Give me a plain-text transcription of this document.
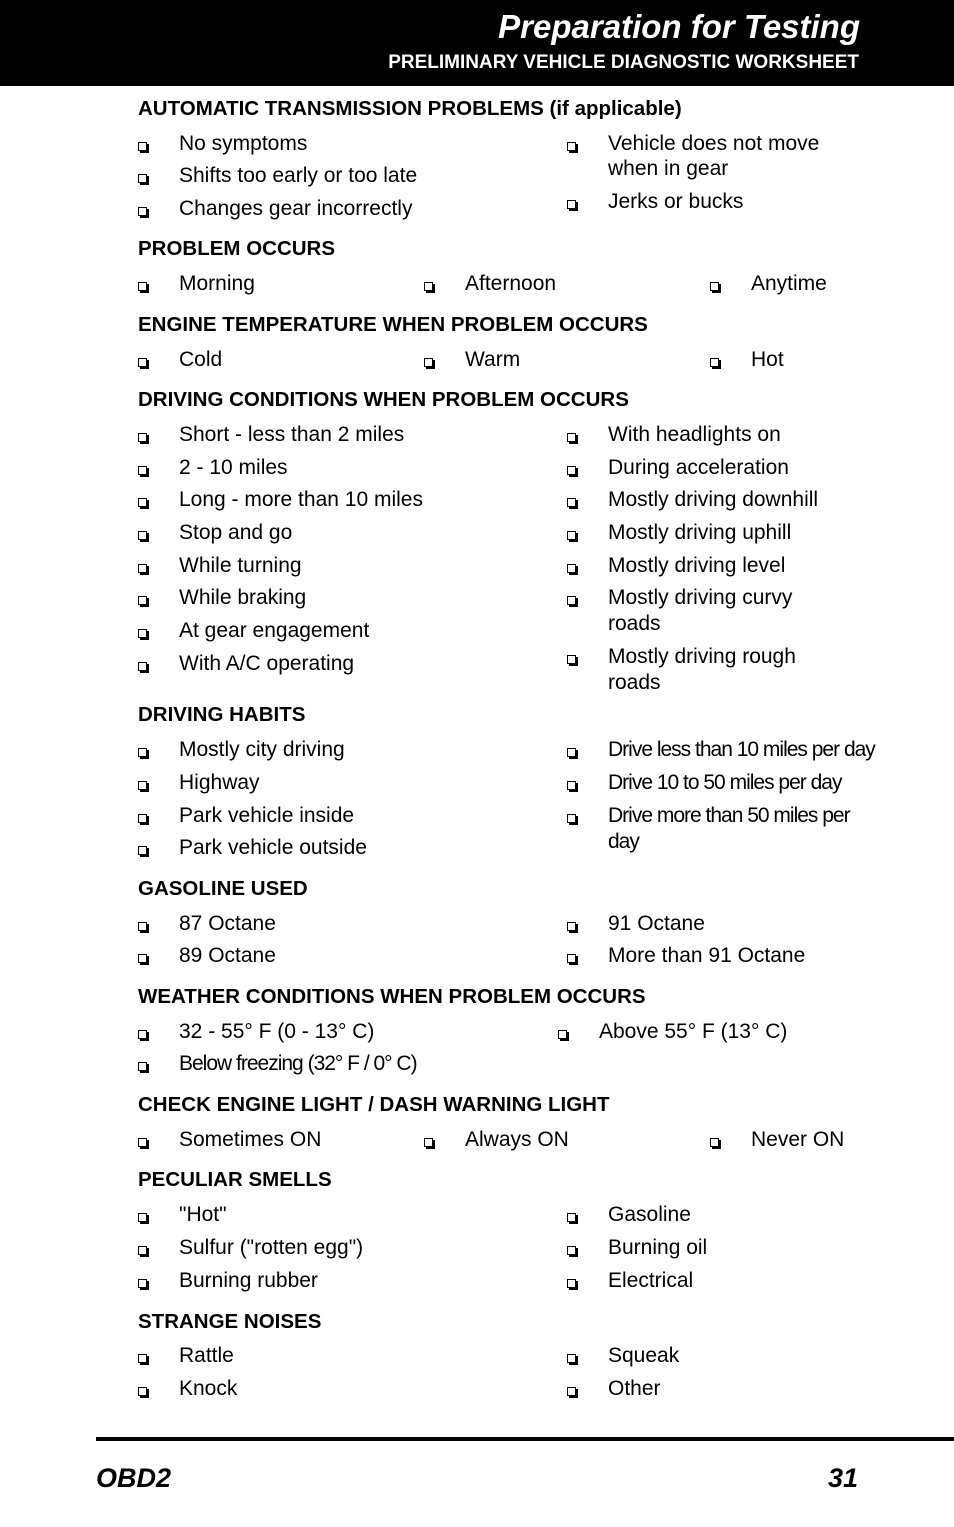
Preparation for Testing
PRELIMINARY VEHICLE DIAGNOSTIC WORKSHEET
AUTOMATIC TRANSMISSION PROBLEMS (if applicable)
No symptoms
Shifts too early or too late
Changes gear incorrectly
Vehicle does not move
when in gear
Jerks or bucks
PROBLEM OCCURS
Morning	Afternoon	Anytime
ENGINE TEMPERATURE WHEN PROBLEM OCCURS
Cold	Warm	Hot
DRIVING CONDITIONS WHEN PROBLEM OCCURS
Short - less than 2 miles
2 - 10 miles
Long - more than 10 miles
Stop and go
While turning
While braking
At gear engagement
With A/C operating
With headlights on
During acceleration
Mostly driving downhill
Mostly driving uphill
Mostly driving level
Mostly driving curvy
roads
Mostly driving rough
roads
DRIVING HABITS
Mostly city driving
Highway
Park vehicle inside
Park vehicle outside
Drive less than 10 miles per day
Drive 10 to 50 miles per day
Drive more than 50 miles per
day
GASOLINE USED
87 Octane
89 Octane
91 Octane
More than 91 Octane
WEATHER CONDITIONS WHEN PROBLEM OCCURS
32 - 55° F (0 - 13° C)
Below freezing (32° F / 0° C)
Above 55° F (13° C)
CHECK ENGINE LIGHT / DASH WARNING LIGHT
Sometimes ON	Always ON	Never ON
PECULIAR SMELLS
"Hot"
Sulfur ("rotten egg")
Burning rubber
Gasoline
Burning oil
Electrical
STRANGE NOISES
Rattle
Knock
Squeak
Other
OBD2	31
